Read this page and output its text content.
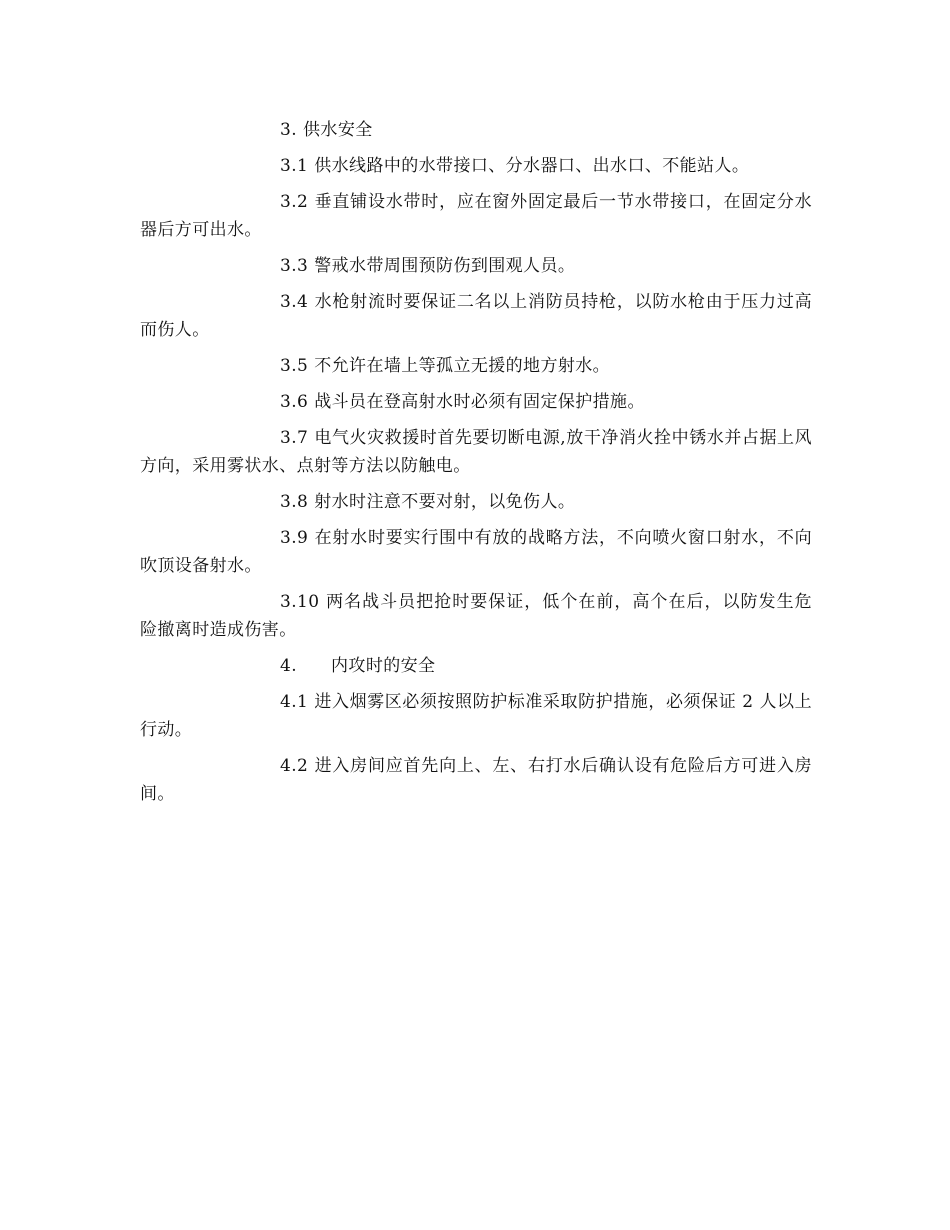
3. 供水安全

3.1 供水线路中的水带接口、分水器口、出水口、不能站人。

3.2 垂直铺设水带时，应在窗外固定最后一节水带接口，在固定分水器后方可出水。

3.3 警戒水带周围预防伤到围观人员。

3.4 水枪射流时要保证二名以上消防员持枪，以防水枪由于压力过高而伤人。

3.5 不允许在墙上等孤立无援的地方射水。

3.6 战斗员在登高射水时必须有固定保护措施。

3.7 电气火灾救援时首先要切断电源,放干净消火拴中锈水并占据上风方向，采用雾状水、点射等方法以防触电。

3.8 射水时注意不要对射，以免伤人。

3.9 在射水时要实行围中有放的战略方法，不向喷火窗口射水，不向吹顶设备射水。

3.10 两名战斗员把抢时要保证，低个在前，高个在后，以防发生危险撤离时造成伤害。

4. 内攻时的安全

4.1 进入烟雾区必须按照防护标准采取防护措施，必须保证 2 人以上行动。

4.2 进入房间应首先向上、左、右打水后确认设有危险后方可进入房间。
